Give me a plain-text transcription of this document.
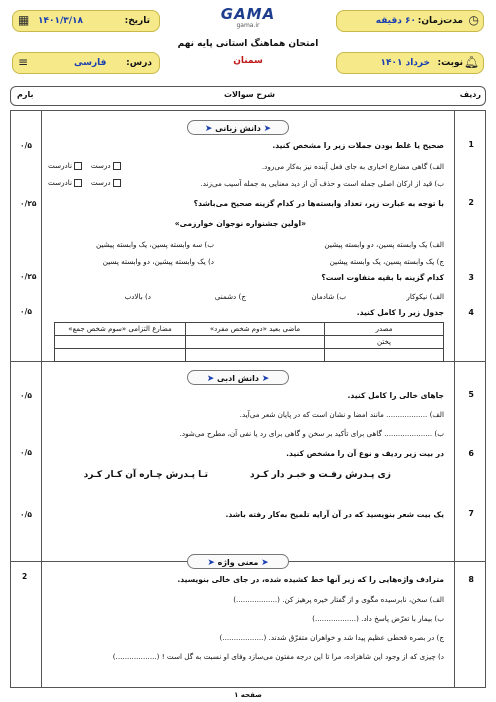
◷
مدت‌زمان:
۶۰ دقیقه
▦	تاریخ:
۱۴۰۱/۳/۱۸
🔔︎
نوبت:
خرداد ۱۴۰۱
≡	درس:
فارسی
GAMA
gama.ir
امتحان هماهنگ استانی پایه نهم
سمنان
ردیف
شرح سوالات
بارم
➤ دانش زبانی ➤
1
۰/۵	صحیح یا غلط بودن جملات زیر را مشخص کنید.
الف) گاهی مضارع اخباری به جای فعل آینده نیز به‌کار می‌رود.
ب) قید از ارکان اصلی جمله است و حذف آن از دید معنایی به جمله آسیب می‌زند.
درست   نادرست
درست   نادرست
2
۰/۲۵	با توجه به عبارت زیر، تعداد وابسته‌ها در کدام گزینه صحیح می‌باشد؟
«اولین جشنواره نوجوان خوارزمی»
الف) یک وابسته پسین، دو وابسته پیشین
ب) سه وابسته پسین، یک وابسته پیشین
ج) یک وابسته پسین، یک وابسته پیشین
د) یک وابسته پیشین، دو وابسته پسین
3
۰/۲۵	کدام گزینه با بقیه متفاوت است؟
الف) نیکوکار
ب) شادمان
ج) دشمنی
د) بالادب
4
۰/۵	جدول زیر را کامل کنید.
مصدر	ماضی بعید «دوم شخص مفرد»	مضارع التزامی «سوم شخص جمع»
پختن		

➤ دانش ادبی ➤
5
۰/۵	جاهای خالی را کامل کنید.
الف) .................. مانند امضا و نشان است که در پایان شعر می‌آید.
ب) ..................... گاهی برای تأکید بر سخن و گاهی برای رد یا نفی آن، مطرح می‌شود.
6
۰/۵	در بیت زیر ردیف و نوع آن را مشخص کنید.
زی پـدرش رفـت و خبـر دار کـرد
تـا پـدرش چـاره آن کـار کـرد
7
۰/۵	یک بیت شعر بنویسید که در آن آرایه تلمیح به‌کار رفته باشد.
➤ معنی واژه ➤
8
2	مترادف واژه‌هایی را که زیر آنها خط کشیده شده، در جای خالی بنویسید.
الف) سخن، نابرسیده مگوی و از گفتار خیره پرهیز کن. (..................)
ب) بیمار با تعرّض پاسخ داد. (..................)
ج) در بصره قحطی عظیم پیدا شد و خواهران متفرّق شدند. (..................)
د) چیزی که از وجود این شاهزاده، مرا تا این درجه مفتون می‌سازد وفای او نسبت به گل است ! (..................)
صفحه ۱
